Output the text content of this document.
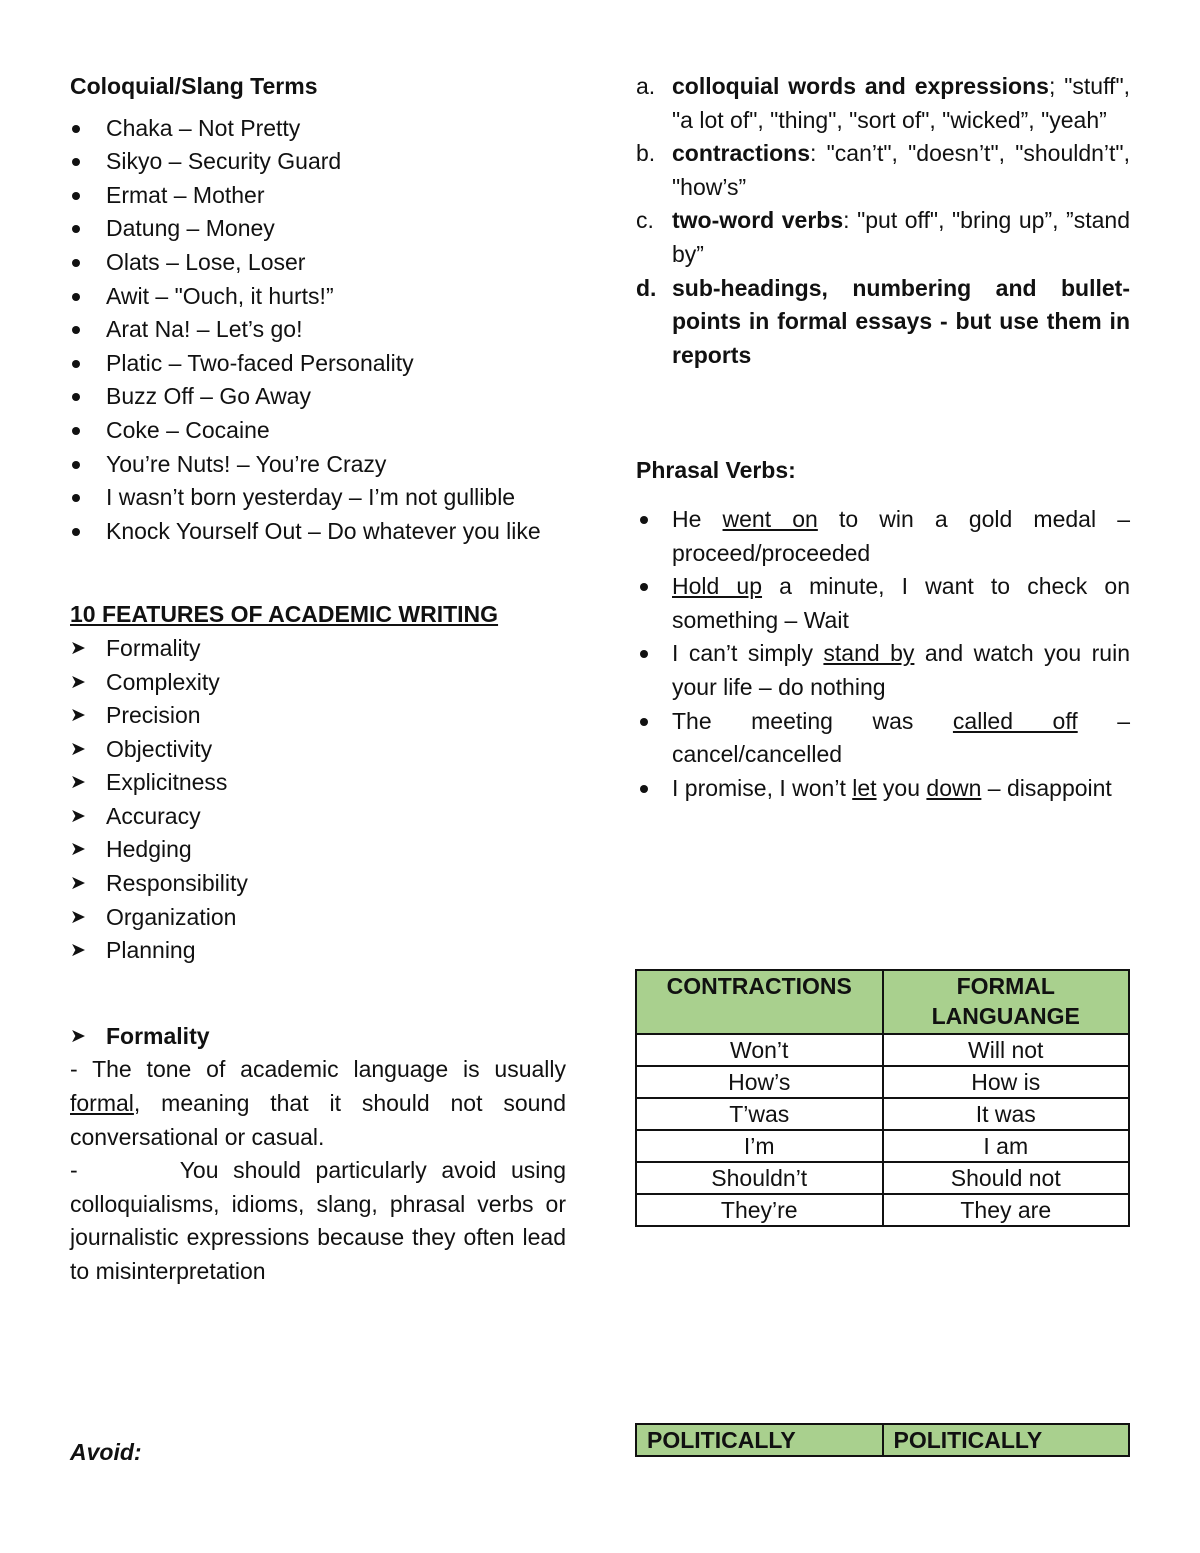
Coloquial/Slang Terms

Chaka – Not Pretty
Sikyo – Security Guard
Ermat – Mother
Datung – Money
Olats – Lose, Loser
Awit – "Ouch, it hurts!”
Arat Na! – Let’s go!
Platic – Two-faced Personality
Buzz Off – Go Away
Coke – Cocaine
You’re Nuts! – You’re Crazy
I wasn’t born yesterday – I’m not gullible
Knock Yourself Out – Do whatever you like

10 FEATURES OF ACADEMIC WRITING

➤ Formality
➤ Complexity
➤ Precision
➤ Objectivity
➤ Explicitness
➤ Accuracy
➤ Hedging
➤ Responsibility
➤ Organization
➤ Planning
➤ Formality

- The tone of academic language is usually formal, meaning that it should not sound conversational or casual.

-       You should particularly avoid using colloquialisms, idioms, slang, phrasal verbs or journalistic expressions because they often lead to misinterpretation

Avoid:
a. colloquial words and expressions; "stuff", "a lot of", "thing", "sort of", "wicked”, "yeah”
b. contractions: "can’t", "doesn’t", "shouldn’t", "how’s”
c. two-word verbs: "put off", "bring up”, ”stand by”
d. sub-headings, numbering and bullet-points in formal essays - but use them in reports

Phrasal Verbs:

He went on to win a gold medal – proceed/proceeded
Hold up a minute, I want to check on something – Wait
I can’t simply stand by and watch you ruin your life – do nothing
The meeting was called off – cancel/cancelled
I promise, I won’t let you down – disappoint
CONTRACTIONS	FORMAL LANGUANGE
Won’t	Will not
How’s	How is
T’was	It was
I’m	I am
Shouldn’t	Should not
They’re	They are
POLITICALLY	POLITICALLY
